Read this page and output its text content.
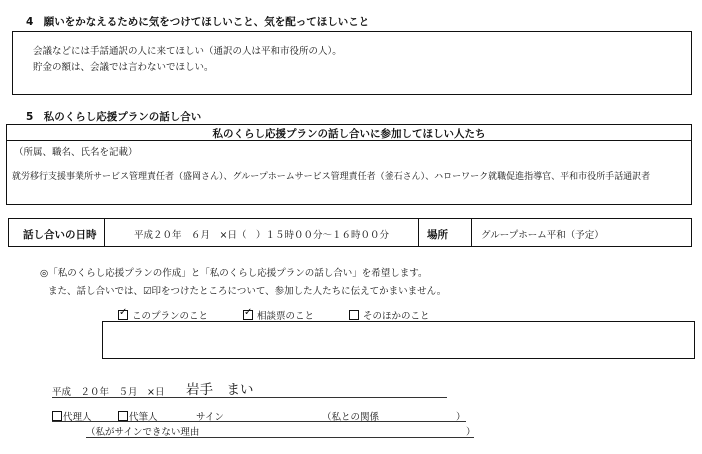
4　願いをかなえるために気をつけてほしいこと、気を配ってほしいこと
会議などには手話通訳の人に来てほしい（通訳の人は平和市役所の人）。
貯金の額は、会議では言わないでほしい。
5　私のくらし応援プランの話し合い
私のくらし応援プランの話し合いに参加してほしい人たち
（所属、職名、氏名を記載）
就労移行支援事業所サービス管理責任者（盛岡さん）、グループホームサービス管理責任者（釜石さん）、ハローワーク就職促進指導官、平和市役所手話通訳者
話し合いの日時	平成２０年　６月　×日（　）１５時００分～１６時００分	場所	グループホーム平和（予定）
◎「私のくらし応援プランの作成」と「私のくらし応援プランの話し合い」を希望します。
また、話し合いでは、☑印をつけたところについて、参加した人たちに伝えてかまいません。
✓このプランのこと
✓	相談票のこと	そのほかのこと
平成　２０年　５月　×日 岩手　まい
代理人	代筆人	サイン	（私との関係	）
（私がサインできない理由	）
